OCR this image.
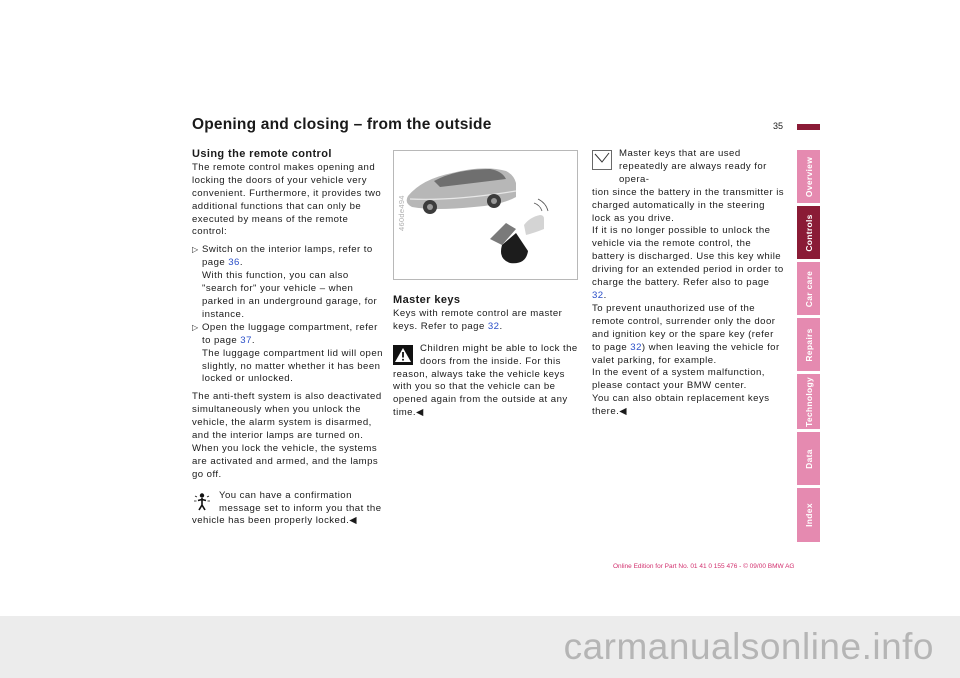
Opening and closing – from the outside	35
Using the remote control

The remote control makes opening and locking the doors of your vehicle very convenient. Furthermore, it provides two additional functions that can only be executed by means of the remote control:

▷ Switch on the interior lamps, refer to page 36.
With this function, you can also "search for" your vehicle – when parked in an underground garage, for instance.
▷ Open the luggage compartment, refer to page 37.
The luggage compartment lid will open slightly, no matter whether it has been locked or unlocked.

The anti-theft system is also deactivated simultaneously when you unlock the vehicle, the alarm system is disarmed, and the interior lamps are turned on. When you lock the vehicle, the systems are activated and armed, and the lamps go off.

You can have a confirmation message set to inform you that the
vehicle has been properly locked.◀
460de494
Master keys

Keys with remote control are master keys. Refer to page 32.

Children might be able to lock the doors from the inside. For this
reason, always take the vehicle keys with you so that the vehicle can be opened again from the outside at any time.◀
Master keys that are used repeatedly are always ready for opera-
tion since the battery in the transmitter is charged automatically in the steering lock as you drive.
If it is no longer possible to unlock the vehicle via the remote control, the battery is discharged. Use this key while driving for an extended period in order to charge the battery. Refer also to page 32.
To prevent unauthorized use of the remote control, surrender only the door and ignition key or the spare key (refer to page 32) when leaving the vehicle for valet parking, for example.
In the event of a system malfunction, please contact your BMW center.
You can also obtain replacement keys there.◀
Overview
Controls
Car care
Repairs
Technology
Data
Index
Online Edition for Part No. 01 41 0 155 476 - © 09/00 BMW AG
carmanualsonline.info
